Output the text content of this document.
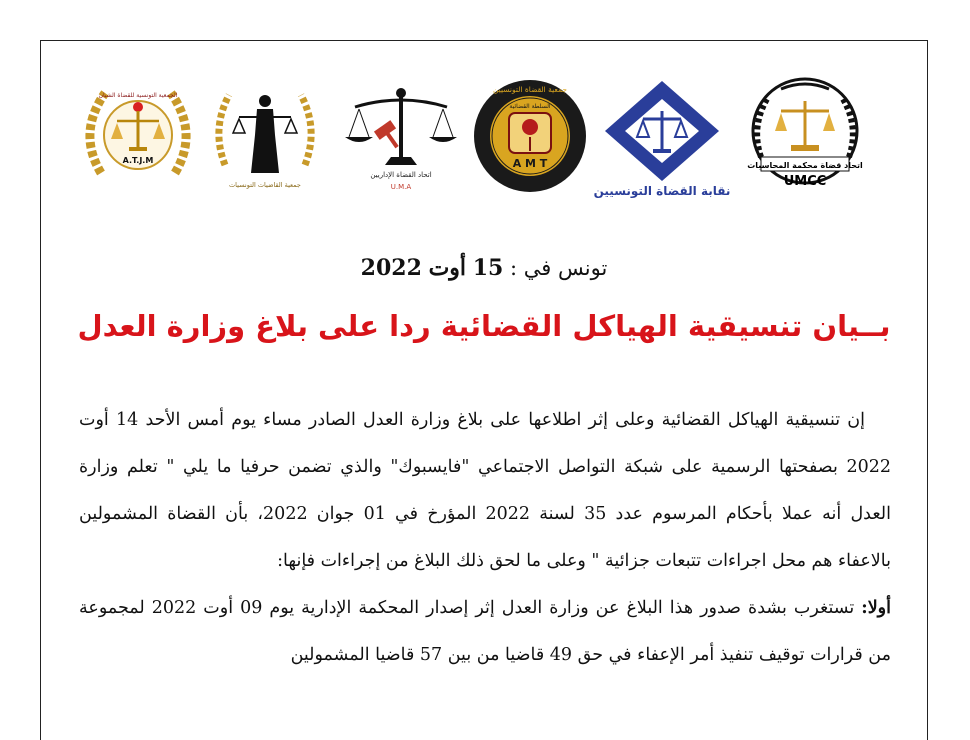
اتحاد قضاة محكمة المحاسبات
UMCC
نقابة القضاة التونسيين
جمعية القضاة التونسيين
السلطة القضائية
A M T
اتحاد القضاة الإداريين
U.M.A
جمعية القاضيات التونسيات
الجمعية التونسية للقضاة الشبان
A.T.J.M
تونس في : 15 أوت 2022
بــيان تنسيقية الهياكل القضائية ردا على بلاغ وزارة العدل

إن تنسيقية الهياكل القضائية وعلى إثر اطلاعها على بلاغ وزارة العدل الصادر مساء يوم أمس الأحد 14 أوت 2022 بصفحتها الرسمية على شبكة التواصل الاجتماعي "فايسبوك" والذي تضمن حرفيا ما يلي " تعلم وزارة العدل أنه عملا بأحكام المرسوم عدد 35 لسنة 2022 المؤرخ في 01 جوان 2022، بأن القضاة المشمولين بالاعفاء هم محل اجراءات تتبعات جزائية " وعلى ما لحق ذلك البلاغ من إجراءات فإنها:

أولا: تستغرب بشدة صدور هذا البلاغ عن وزارة العدل إثر إصدار المحكمة الإدارية يوم 09 أوت 2022 لمجموعة من قرارات توقيف تنفيذ أمر الإعفاء في حق 49 قاضيا من بين 57 قاضيا المشمولين
